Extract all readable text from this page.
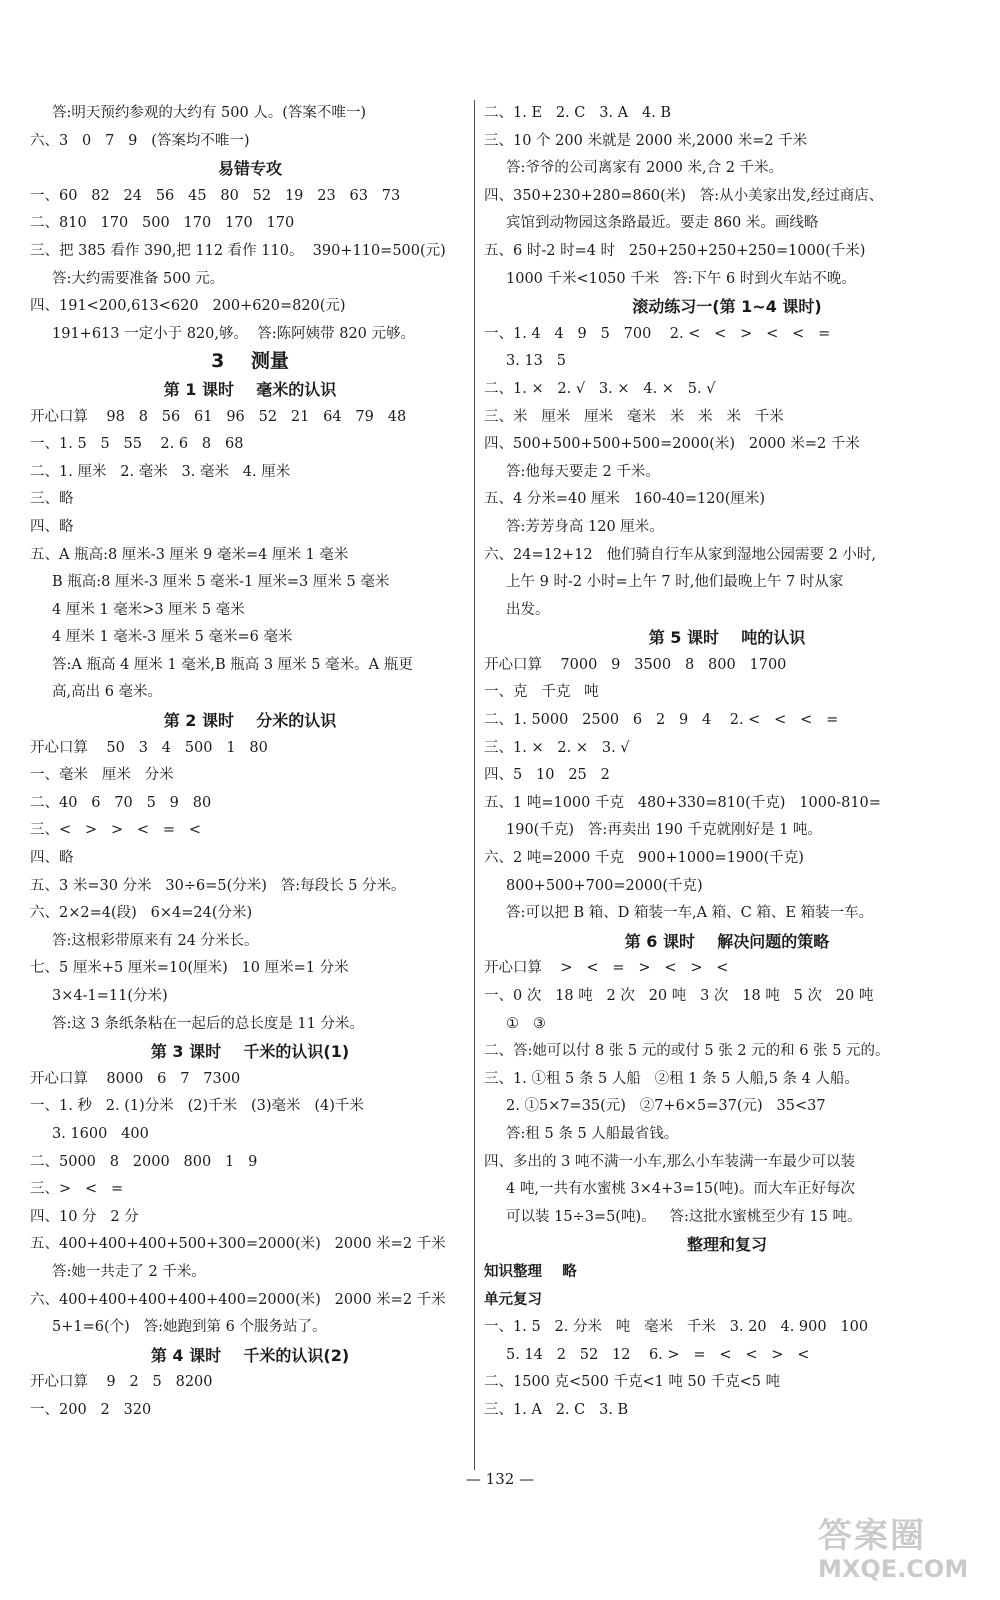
答:明天预约参观的大约有 500 人。(答案不唯一)
六、3   0   7   9   (答案均不唯一)
易错专攻
一、60   82   24   56   45   80   52   19   23   63   73
二、810   170   500   170   170   170
三、把 385 看作 390,把 112 看作 110。  390+110=500(元)
答:大约需要准备 500 元。
四、191<200,613<620   200+620=820(元)
191+613 一定小于 820,够。  答:陈阿姨带 820 元够。
3    测量
第 1 课时    毫米的认识
开心口算    98   8   56   61   96   52   21   64   79   48
一、1. 5   5   55    2. 6   8   68
二、1. 厘米   2. 毫米   3. 毫米   4. 厘米
三、略
四、略
五、A 瓶高:8 厘米-3 厘米 9 毫米=4 厘米 1 毫米
B 瓶高:8 厘米-3 厘米 5 毫米-1 厘米=3 厘米 5 毫米
4 厘米 1 毫米>3 厘米 5 毫米
4 厘米 1 毫米-3 厘米 5 毫米=6 毫米
答:A 瓶高 4 厘米 1 毫米,B 瓶高 3 厘米 5 毫米。A 瓶更
高,高出 6 毫米。
第 2 课时    分米的认识
开心口算    50   3   4   500   1   80
一、毫米   厘米   分米
二、40   6   70   5   9   80
三、<   >   >   <   =   <
四、略
五、3 米=30 分米   30÷6=5(分米)   答:每段长 5 分米。
六、2×2=4(段)   6×4=24(分米)
答:这根彩带原来有 24 分米长。
七、5 厘米+5 厘米=10(厘米)   10 厘米=1 分米
3×4-1=11(分米)
答:这 3 条纸条粘在一起后的总长度是 11 分米。
第 3 课时    千米的认识(1)
开心口算    8000   6   7   7300
一、1. 秒   2. (1)分米   (2)千米   (3)毫米   (4)千米
3. 1600   400
二、5000   8   2000   800   1   9
三、>   <   =
四、10 分   2 分
五、400+400+400+500+300=2000(米)   2000 米=2 千米
答:她一共走了 2 千米。
六、400+400+400+400+400=2000(米)   2000 米=2 千米
5+1=6(个)   答:她跑到第 6 个服务站了。
第 4 课时    千米的认识(2)
开心口算    9   2   5   8200
一、200   2   320
二、1. E   2. C   3. A   4. B
三、10 个 200 米就是 2000 米,2000 米=2 千米
答:爷爷的公司离家有 2000 米,合 2 千米。
四、350+230+280=860(米)   答:从小美家出发,经过商店、
宾馆到动物园这条路最近。要走 860 米。画线略
五、6 时-2 时=4 时   250+250+250+250=1000(千米)
1000 千米<1050 千米   答:下午 6 时到火车站不晚。
滚动练习一(第 1~4 课时)
一、1. 4   4   9   5   700    2. <   <   >   <   <   =
3. 13   5
二、1. ×   2. √   3. ×   4. ×   5. √
三、米   厘米   厘米   毫米   米   米   米   千米
四、500+500+500+500=2000(米)   2000 米=2 千米
答:他每天要走 2 千米。
五、4 分米=40 厘米   160-40=120(厘米)
答:芳芳身高 120 厘米。
六、24=12+12   他们骑自行车从家到湿地公园需要 2 小时,
上午 9 时-2 小时=上午 7 时,他们最晚上午 7 时从家
出发。
第 5 课时    吨的认识
开心口算    7000   9   3500   8   800   1700
一、克   千克   吨
二、1. 5000   2500   6   2   9   4    2. <   <   <   =
三、1. ×   2. ×   3. √
四、5   10   25   2
五、1 吨=1000 千克   480+330=810(千克)   1000-810=
190(千克)   答:再卖出 190 千克就刚好是 1 吨。
六、2 吨=2000 千克   900+1000=1900(千克)
800+500+700=2000(千克)
答:可以把 B 箱、D 箱装一车,A 箱、C 箱、E 箱装一车。
第 6 课时    解决问题的策略
开心口算    >   <   =   >   <   >   <
一、0 次   18 吨   2 次   20 吨   3 次   18 吨   5 次   20 吨
①   ③
二、答:她可以付 8 张 5 元的或付 5 张 2 元的和 6 张 5 元的。
三、1. ①租 5 条 5 人船   ②租 1 条 5 人船,5 条 4 人船。
2. ①5×7=35(元)   ②7+6×5=37(元)   35<37
答:租 5 条 5 人船最省钱。
四、多出的 3 吨不满一小车,那么小车装满一车最少可以装
4 吨,一共有水蜜桃 3×4+3=15(吨)。而大车正好每次
可以装 15÷3=5(吨)。   答:这批水蜜桃至少有 15 吨。
整理和复习
知识整理    略
单元复习
一、1. 5   2. 分米   吨   毫米   千米   3. 20   4. 900   100
5. 14   2   52   12    6. >   =   <   <   >   <
二、1500 克<500 千克<1 吨 50 千克<5 吨
三、1. A   2. C   3. B
— 132 —
答案圈
MXQE.COM
